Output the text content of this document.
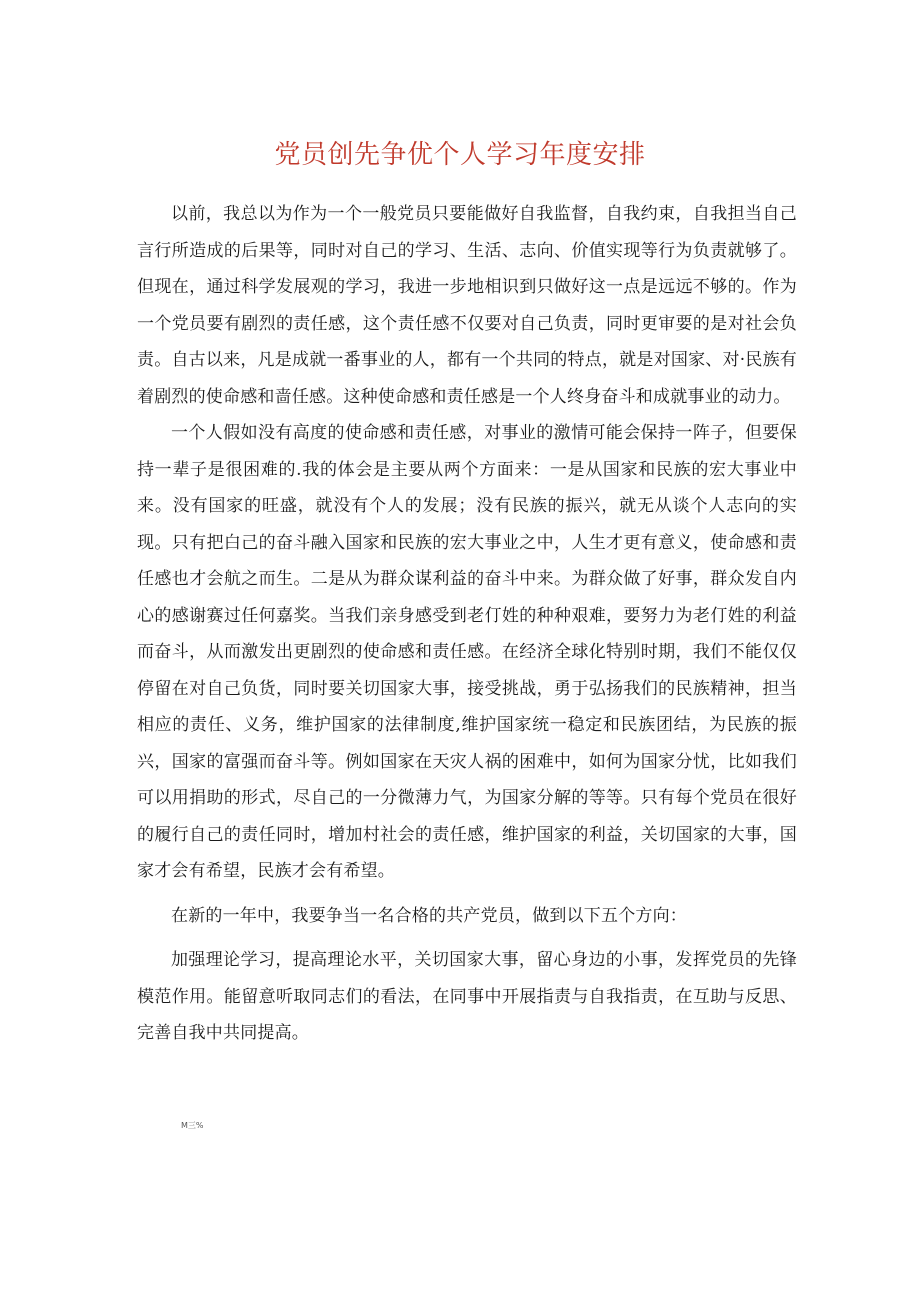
党员创先争优个人学习年度安排

以前，我总以为作为一个一般党员只要能做好自我监督，自我约束，自我担当自己言行所造成的后果等，同时对自己的学习、生活、志向、价值实现等行为负责就够了。但现在，通过科学发展观的学习，我进一步地相识到只做好这一点是远远不够的。作为一个党员要有剧烈的责任感，这个责任感不仅要对自己负责，同时更审要的是对社会负责。自古以来，凡是成就一番事业的人，都有一个共同的特点，就是对国家、对·民族有着剧烈的使命感和啬任感。这种使命感和责任感是一个人终身奋斗和成就事业的动力。

一个人假如没有高度的使命感和责任感，对事业的激情可能会保持一阵子，但要保持一辈子是很困难的.我的体会是主要从两个方面来：一是从国家和民族的宏大事业中来。没有国家的旺盛，就没有个人的发展；没有民族的振兴，就无从谈个人志向的实现。只有把白己的奋斗融入国家和民族的宏大事业之中，人生才更有意义，使命感和责任感也才会航之而生。二是从为群众谋利益的奋斗中来。为群众做了好事，群众发自内心的感谢赛过任何嘉奖。当我们亲身感受到老仃姓的种种艰难，要努力为老仃姓的利益而奋斗，从而激发出更剧烈的使命感和责任感。在经济全球化特别时期，我们不能仅仅停留在对自己负货，同时要关切国家大事，接受挑战，勇于弘扬我们的民族精神，担当相应的责任、义务，维护国家的法律制度,维护国家统一稳定和民族团结，为民族的振兴，国家的富强而奋斗等。例如国家在天灾人祸的困难中，如何为国家分忧，比如我们可以用捐助的形式，尽自己的一分微薄力气，为国家分解的等等。只有每个党员在很好的履行自己的责任同时，增加村社会的责任感，维护国家的利益，关切国家的大事，国家才会有希望，民族才会有希望。

在新的一年中，我要争当一名合格的共产党员，做到以下五个方向：

加强理论学习，提高理论水平，关切国家大事，留心身边的小事，发挥党员的先锋模范作用。能留意听取同志们的看法，在同事中开展指责与自我指责，在互助与反思、完善自我中共同提高。

M三%
